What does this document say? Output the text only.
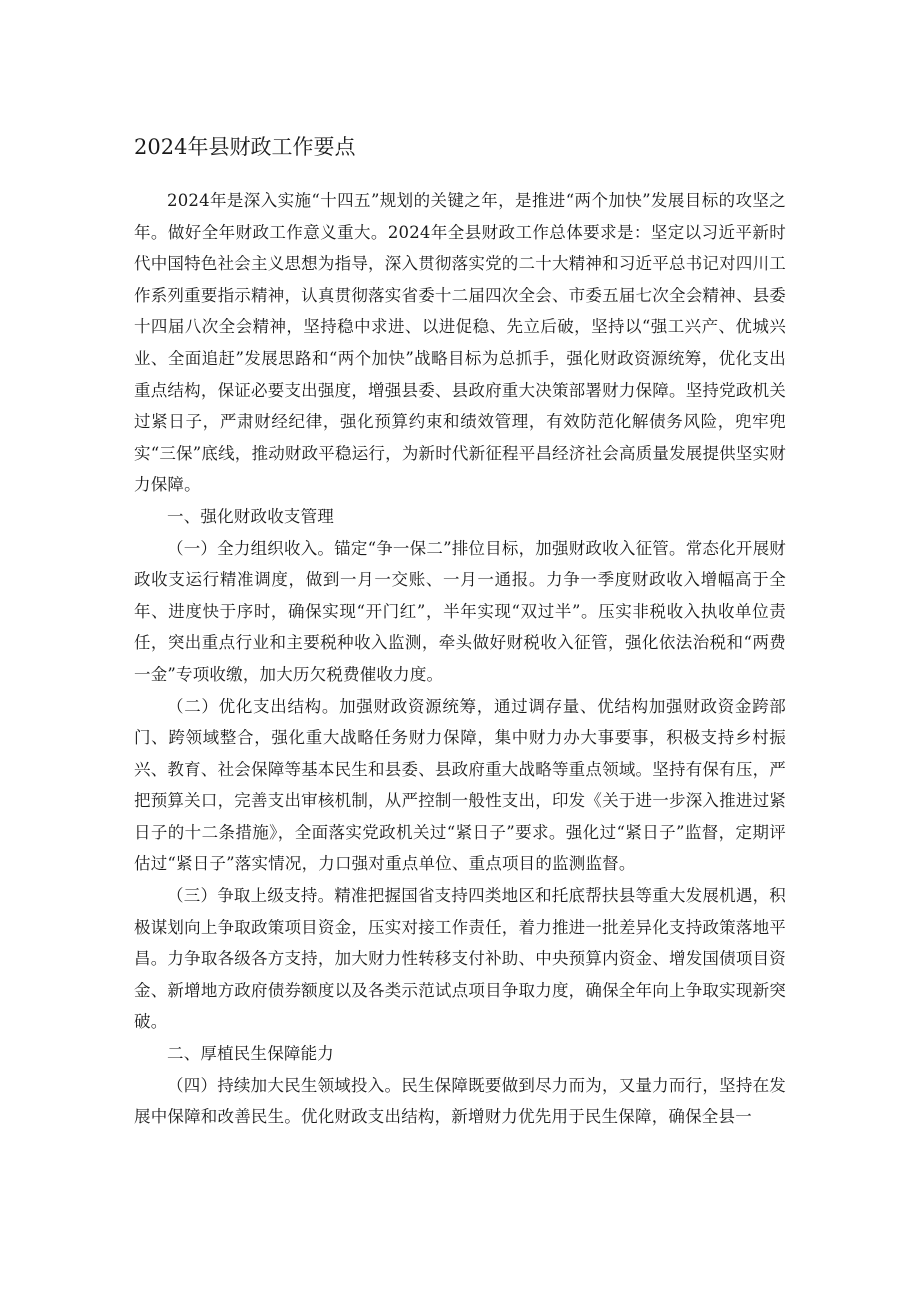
2024年县财政工作要点

2024年是深入实施“十四五”规划的关键之年，是推进“两个加快”发展目标的攻坚之年。做好全年财政工作意义重大。2024年全县财政工作总体要求是：坚定以习近平新时代中国特色社会主义思想为指导，深入贯彻落实党的二十大精神和习近平总书记对四川工作系列重要指示精神，认真贯彻落实省委十二届四次全会、市委五届七次全会精神、县委十四届八次全会精神，坚持稳中求进、以进促稳、先立后破，坚持以“强工兴产、优城兴业、全面追赶”发展思路和“两个加快”战略目标为总抓手，强化财政资源统筹，优化支出重点结构，保证必要支出强度，增强县委、县政府重大决策部署财力保障。坚持党政机关过紧日子，严肃财经纪律，强化预算约束和绩效管理，有效防范化解债务风险，兜牢兜实“三保”底线，推动财政平稳运行，为新时代新征程平昌经济社会高质量发展提供坚实财力保障。

一、强化财政收支管理

（一）全力组织收入。锚定“争一保二”排位目标，加强财政收入征管。常态化开展财政收支运行精准调度，做到一月一交账、一月一通报。力争一季度财政收入增幅高于全年、进度快于序时，确保实现“开门红”，半年实现“双过半”。压实非税收入执收单位责任，突出重点行业和主要税种收入监测，牵头做好财税收入征管，强化依法治税和“两费一金”专项收缴，加大历欠税费催收力度。

（二）优化支出结构。加强财政资源统筹，通过调存量、优结构加强财政资金跨部门、跨领域整合，强化重大战略任务财力保障，集中财力办大事要事，积极支持乡村振兴、教育、社会保障等基本民生和县委、县政府重大战略等重点领域。坚持有保有压，严把预算关口，完善支出审核机制，从严控制一般性支出，印发《关于进一步深入推进过紧日子的十二条措施》，全面落实党政机关过“紧日子”要求。强化过“紧日子”监督，定期评估过“紧日子”落实情况，力口强对重点单位、重点项目的监测监督。

（三）争取上级支持。精准把握国省支持四类地区和托底帮扶县等重大发展机遇，积极谋划向上争取政策项目资金，压实对接工作责任，着力推进一批差异化支持政策落地平昌。力争取各级各方支持，加大财力性转移支付补助、中央预算内资金、增发国债项目资金、新增地方政府债券额度以及各类示范试点项目争取力度，确保全年向上争取实现新突破。

二、厚植民生保障能力

（四）持续加大民生领域投入。民生保障既要做到尽力而为，又量力而行，坚持在发展中保障和改善民生。优化财政支出结构，新增财力优先用于民生保障，确保全县一
